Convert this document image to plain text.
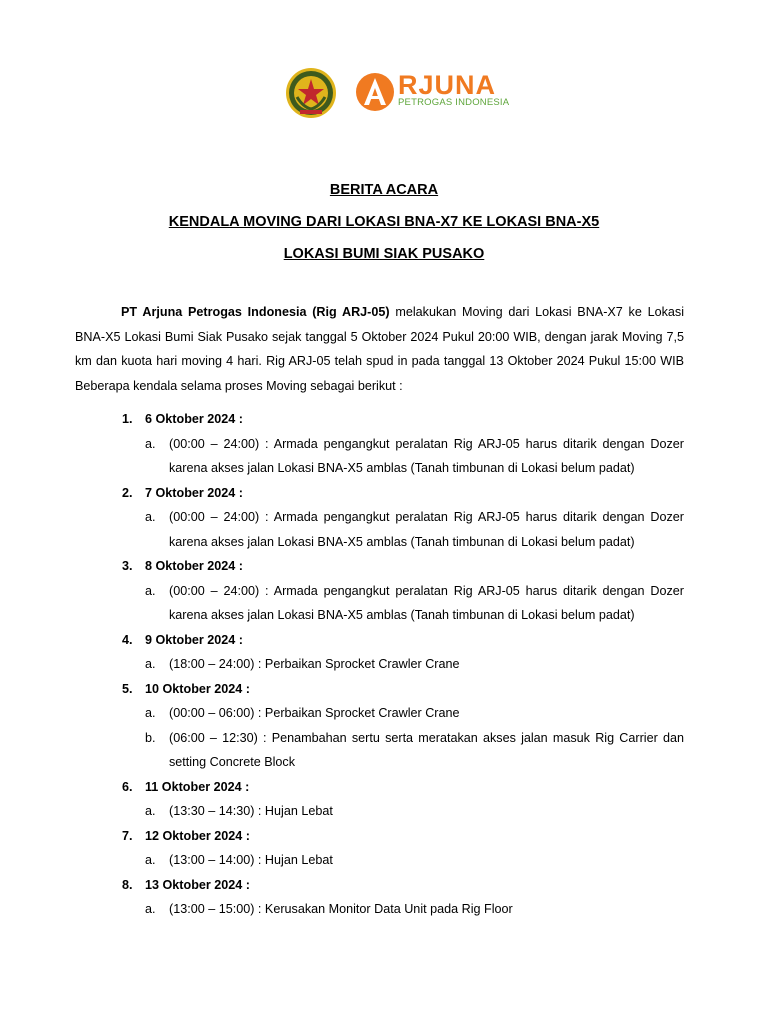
RJUNA
PETROGAS INDONESIA
BERITA ACARA
KENDALA MOVING DARI LOKASI BNA-X7 KE LOKASI BNA-X5
LOKASI BUMI SIAK PUSAKO
PT Arjuna Petrogas Indonesia (Rig ARJ-05) melakukan Moving dari Lokasi BNA-X7 ke Lokasi BNA-X5 Lokasi Bumi Siak Pusako sejak tanggal 5 Oktober 2024 Pukul 20:00 WIB, dengan jarak Moving 7,5 km dan kuota hari moving 4 hari. Rig ARJ-05 telah spud in pada tanggal 13 Oktober 2024 Pukul 15:00 WIB Beberapa kendala selama proses Moving sebagai berikut :
1. 6 Oktober 2024 :
a. (00:00 – 24:00) : Armada pengangkut peralatan Rig ARJ-05 harus ditarik dengan Dozer karena akses jalan Lokasi BNA-X5 amblas (Tanah timbunan di Lokasi belum padat)
2. 7 Oktober 2024 :
a. (00:00 – 24:00) : Armada pengangkut peralatan Rig ARJ-05 harus ditarik dengan Dozer karena akses jalan Lokasi BNA-X5 amblas (Tanah timbunan di Lokasi belum padat)
3. 8 Oktober 2024 :
a. (00:00 – 24:00) : Armada pengangkut peralatan Rig ARJ-05 harus ditarik dengan Dozer karena akses jalan Lokasi BNA-X5 amblas (Tanah timbunan di Lokasi belum padat)
4. 9 Oktober 2024 :
a. (18:00 – 24:00) : Perbaikan Sprocket Crawler Crane
5. 10 Oktober 2024 :
a. (00:00 – 06:00) : Perbaikan Sprocket Crawler Crane
b. (06:00 – 12:30) : Penambahan sertu serta meratakan akses jalan masuk Rig Carrier dan setting Concrete Block
6. 11 Oktober 2024 :
a. (13:30 – 14:30) : Hujan Lebat
7. 12 Oktober 2024 :
a. (13:00 – 14:00) : Hujan Lebat
8. 13 Oktober 2024 :
a. (13:00 – 15:00) : Kerusakan Monitor Data Unit pada Rig Floor
